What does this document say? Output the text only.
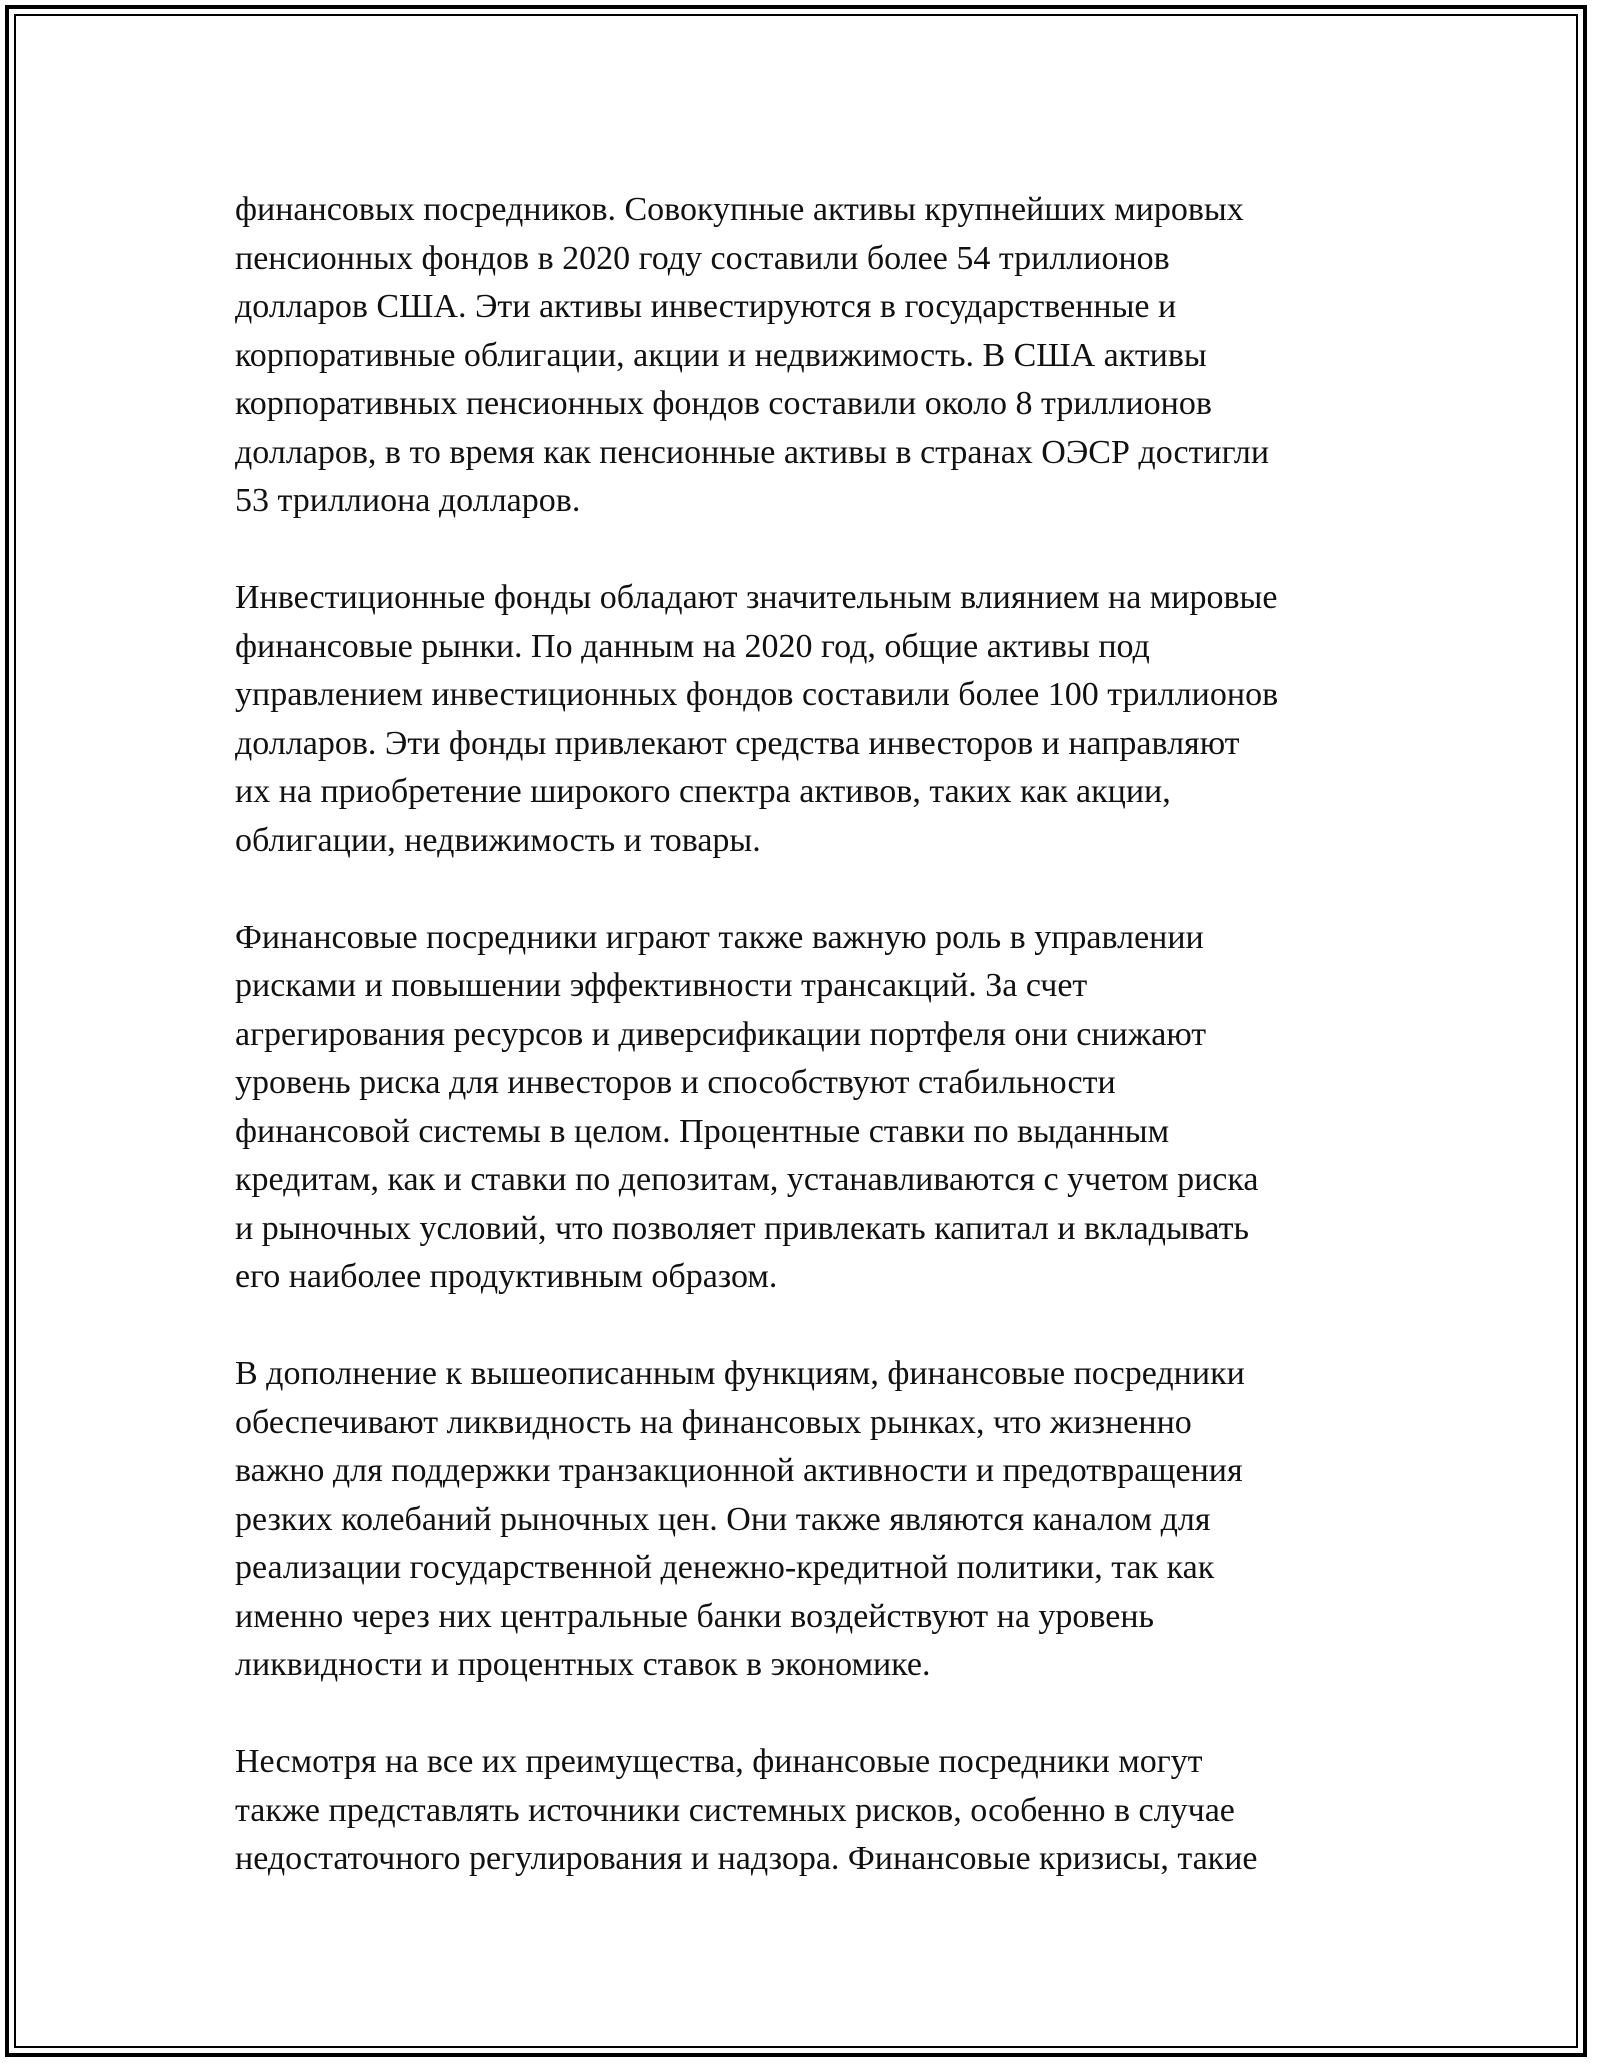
финансовых посредников. Совокупные активы крупнейших мировых
пенсионных фондов в 2020 году составили более 54 триллионов
долларов США. Эти активы инвестируются в государственные и
корпоративные облигации, акции и недвижимость. В США активы
корпоративных пенсионных фондов составили около 8 триллионов
долларов, в то время как пенсионные активы в странах ОЭСР достигли
53 триллиона долларов.

Инвестиционные фонды обладают значительным влиянием на мировые
финансовые рынки. По данным на 2020 год, общие активы под
управлением инвестиционных фондов составили более 100 триллионов
долларов. Эти фонды привлекают средства инвесторов и направляют
их на приобретение широкого спектра активов, таких как акции,
облигации, недвижимость и товары.

Финансовые посредники играют также важную роль в управлении
рисками и повышении эффективности трансакций. За счет
агрегирования ресурсов и диверсификации портфеля они снижают
уровень риска для инвесторов и способствуют стабильности
финансовой системы в целом. Процентные ставки по выданным
кредитам, как и ставки по депозитам, устанавливаются с учетом риска
и рыночных условий, что позволяет привлекать капитал и вкладывать
его наиболее продуктивным образом.

В дополнение к вышеописанным функциям, финансовые посредники
обеспечивают ликвидность на финансовых рынках, что жизненно
важно для поддержки транзакционной активности и предотвращения
резких колебаний рыночных цен. Они также являются каналом для
реализации государственной денежно-кредитной политики, так как
именно через них центральные банки воздействуют на уровень
ликвидности и процентных ставок в экономике.

Несмотря на все их преимущества, финансовые посредники могут
также представлять источники системных рисков, особенно в случае
недостаточного регулирования и надзора. Финансовые кризисы, такие
